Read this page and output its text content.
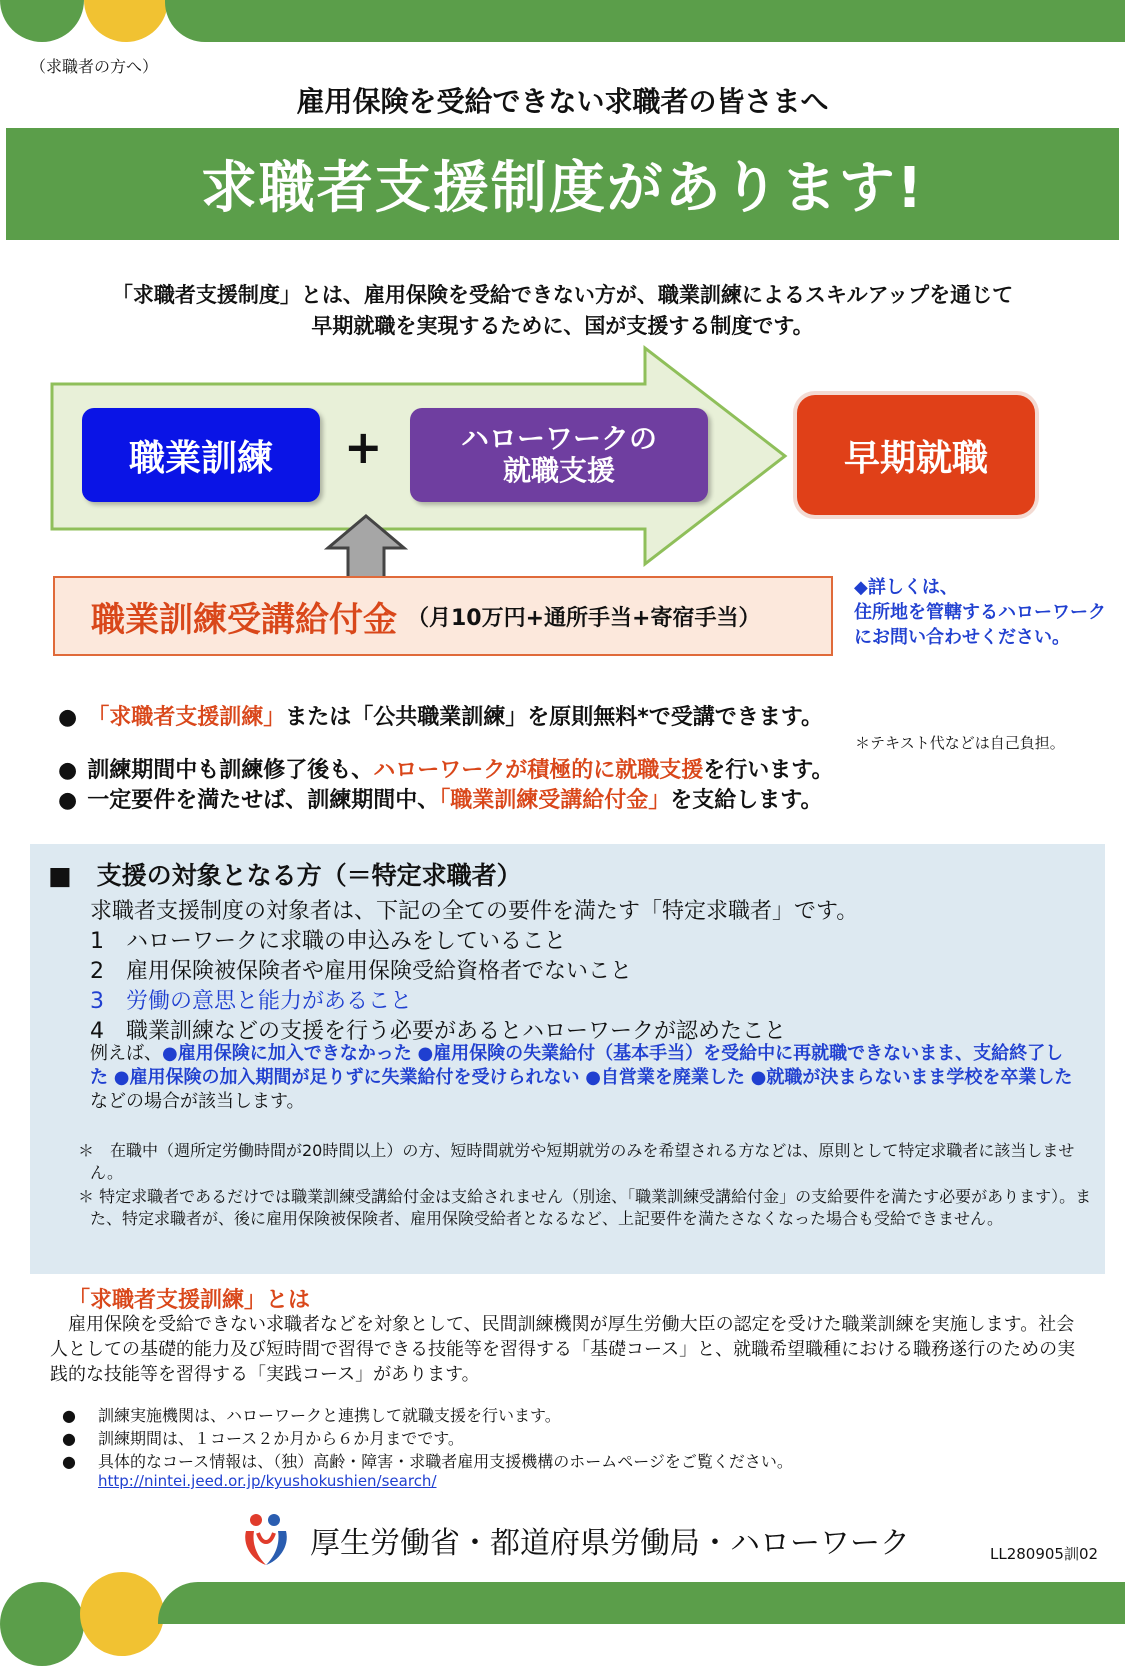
（求職者の方へ）
雇用保険を受給できない求職者の皆さまへ
求職者支援制度があります!
「求職者支援制度」とは、雇用保険を受給できない方が、職業訓練によるスキルアップを通じて
早期就職を実現するために、国が支援する制度です。
職業訓練	+	ハローワークの
就職支援	早期就職
職業訓練受講給付金 （月10万円+通所手当+寄宿手当）
◆詳しくは、
住所地を管轄するハローワーク
にお問い合わせください。
● 「求職者支援訓練」または「公共職業訓練」を原則無料*で受講できます。
＊テキスト代などは自己負担。
● 訓練期間中も訓練修了後も、ハローワークが積極的に就職支援を行います。
● 一定要件を満たせば、訓練期間中、「職業訓練受講給付金」を支給します。
■　支援の対象となる方（＝特定求職者）
求職者支援制度の対象者は、下記の全ての要件を満たす「特定求職者」です。
1　ハローワークに求職の申込みをしていること
2　雇用保険被保険者や雇用保険受給資格者でないこと
3　労働の意思と能力があること
4　職業訓練などの支援を行う必要があるとハローワークが認めたこと
例えば、●雇用保険に加入できなかった ●雇用保険の失業給付（基本手当）を受給中に再就職できないまま、支給終了した ●雇用保険の加入期間が足りずに失業給付を受けられない ●自営業を廃業した ●就職が決まらないまま学校を卒業した　などの場合が該当します。
＊　在職中（週所定労働時間が20時間以上）の方、短時間就労や短期就労のみを希望される方などは、原則として特定求職者に該当しません。
＊ 特定求職者であるだけでは職業訓練受講給付金は支給されません（別途、「職業訓練受講給付金」の支給要件を満たす必要があります）。また、特定求職者が、後に雇用保険被保険者、雇用保険受給者となるなど、上記要件を満たさなくなった場合も受給できません。
「求職者支援訓練」とは
　雇用保険を受給できない求職者などを対象として、民間訓練機関が厚生労働大臣の認定を受けた職業訓練を実施します。社会人としての基礎的能力及び短時間で習得できる技能等を習得する「基礎コース」と、就職希望職種における職務遂行のための実践的な技能等を習得する「実践コース」があります。
● 訓練実施機関は、ハローワークと連携して就職支援を行います。
● 訓練期間は、１コース２か月から６か月までです。
● 具体的なコース情報は、（独）高齢・障害・求職者雇用支援機構のホームページをご覧ください。
http://nintei.jeed.or.jp/kyushokushien/search/
厚生労働省・都道府県労働局・ハローワーク	LL280905訓02
